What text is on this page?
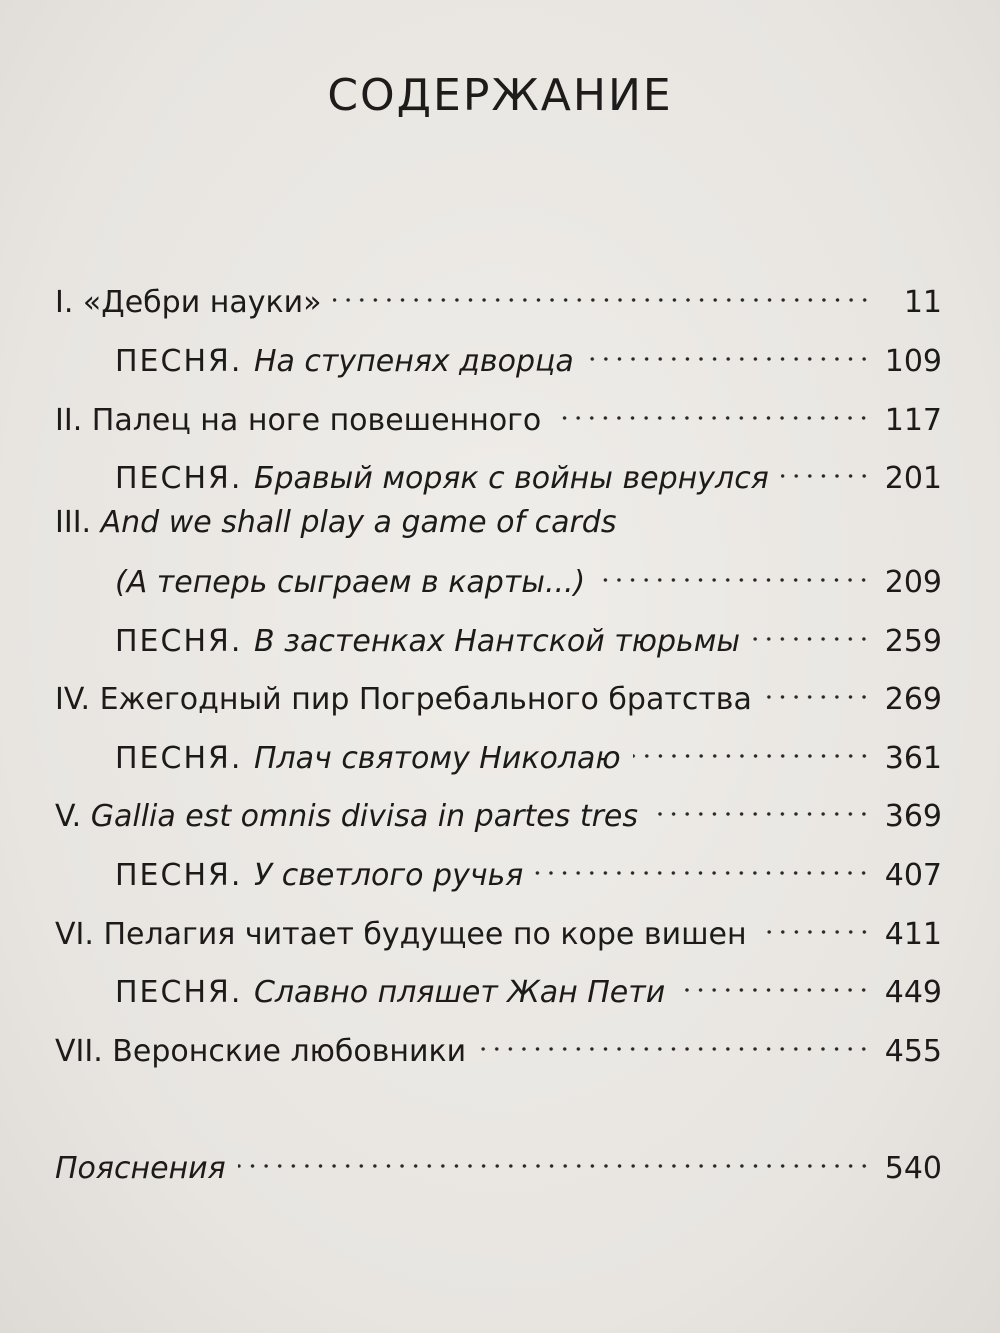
СОДЕРЖАНИЕ
I. «Дебри науки»	11
ПЕСНЯ. На ступенях дворца	109
II. Палец на ноге повешенного	117
ПЕСНЯ. Бравый моряк с войны вернулся	201
III. And we shall play a game of cards
(А теперь сыграем в карты...)	209
ПЕСНЯ. В застенках Нантской тюрьмы	259
IV. Ежегодный пир Погребального братства	269
ПЕСНЯ. Плач святому Николаю	361
V. Gallia est omnis divisa in partes tres	369
ПЕСНЯ. У светлого ручья	407
VI. Пелагия читает будущее по коре вишен	411
ПЕСНЯ. Славно пляшет Жан Пети	449
VII. Веронские любовники	455
Пояснения	540
